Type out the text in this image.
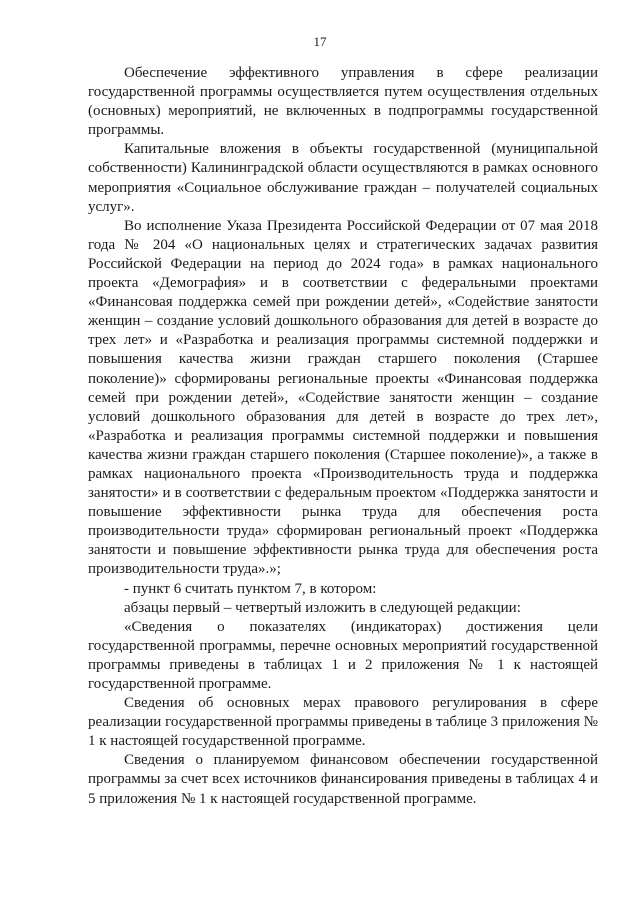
17

Обеспечение эффективного управления в сфере реализации государственной программы осуществляется путем осуществления отдельных (основных) мероприятий, не включенных в подпрограммы государственной программы.

Капитальные вложения в объекты государственной (муниципальной собственности) Калининградской области осуществляются в рамках основного мероприятия «Социальное обслуживание граждан – получателей социальных услуг».

Во исполнение Указа Президента Российской Федерации от 07 мая 2018 года № 204 «О национальных целях и стратегических задачах развития Российской Федерации на период до 2024 года» в рамках национального проекта «Демография» и в соответствии с федеральными проектами «Финансовая поддержка семей при рождении детей», «Содействие занятости женщин – создание условий дошкольного образования для детей в возрасте до трех лет» и «Разработка и реализация программы системной поддержки и повышения качества жизни граждан старшего поколения (Старшее поколение)» сформированы региональные проекты «Финансовая поддержка семей при рождении детей», «Содействие занятости женщин – создание условий дошкольного образования для детей в возрасте до трех лет», «Разработка и реализация программы системной поддержки и повышения качества жизни граждан старшего поколения (Старшее поколение)», а также в рамках национального проекта «Производительность труда и поддержка занятости» и в соответствии с федеральным проектом «Поддержка занятости и повышение эффективности рынка труда для обеспечения роста производительности труда» сформирован региональный проект «Поддержка занятости и повышение эффективности рынка труда для обеспечения роста производительности труда».»;

- пункт 6 считать пунктом 7, в котором:

абзацы первый – четвертый изложить в следующей редакции:

«Сведения о показателях (индикаторах) достижения цели государственной программы, перечне основных мероприятий государственной программы приведены в таблицах 1 и 2 приложения № 1 к настоящей государственной программе.

Сведения об основных мерах правового регулирования в сфере реализации государственной программы приведены в таблице 3 приложения № 1 к настоящей государственной программе.

Сведения о планируемом финансовом обеспечении государственной программы за счет всех источников финансирования приведены в таблицах 4 и 5 приложения № 1 к настоящей государственной программе.
